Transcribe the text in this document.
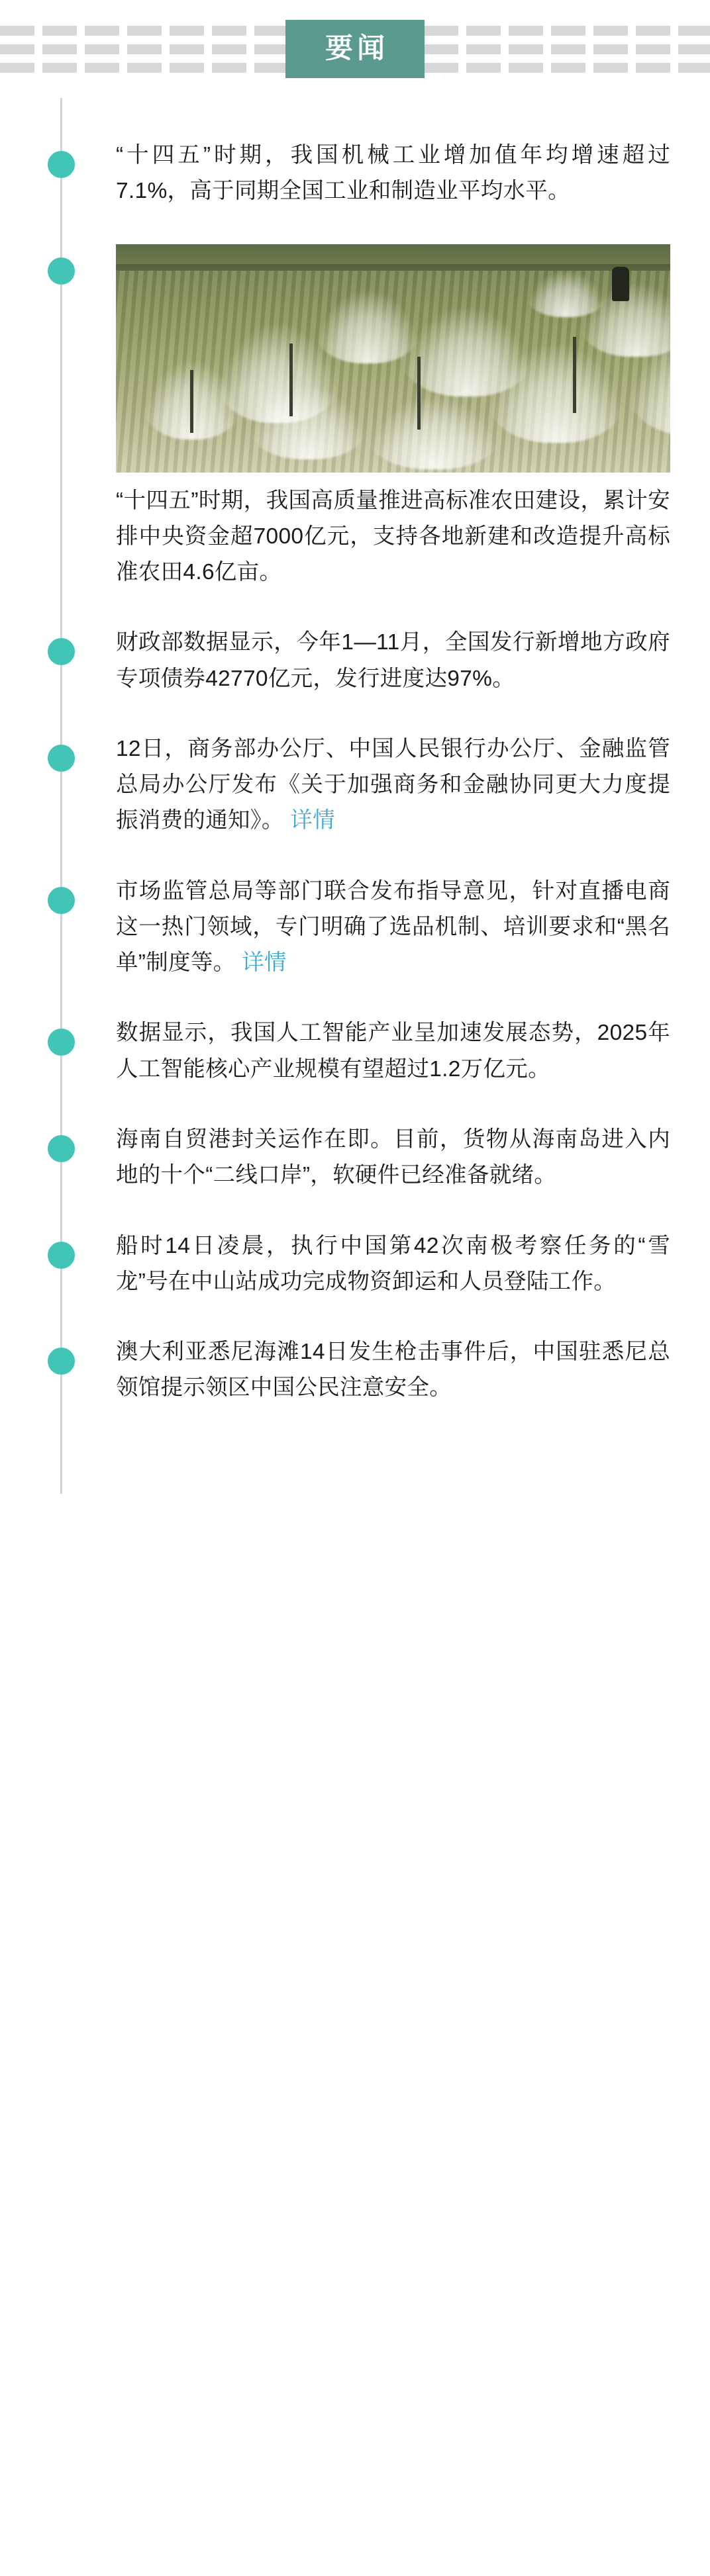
要闻

“十四五”时期，我国机械工业增加值年均增速超过7.1%，高于同期全国工业和制造业平均水平。

“十四五”时期，我国高质量推进高标准农田建设，累计安排中央资金超7000亿元，支持各地新建和改造提升高标准农田4.6亿亩。

财政部数据显示，今年1—11月，全国发行新增地方政府专项债券42770亿元，发行进度达97%。

12日，商务部办公厅、中国人民银行办公厅、金融监管总局办公厅发布《关于加强商务和金融协同更大力度提振消费的通知》。 详情

市场监管总局等部门联合发布指导意见，针对直播电商这一热门领域，专门明确了选品机制、培训要求和“黑名单”制度等。 详情

数据显示，我国人工智能产业呈加速发展态势，2025年人工智能核心产业规模有望超过1.2万亿元。

海南自贸港封关运作在即。目前，货物从海南岛进入内地的十个“二线口岸”，软硬件已经准备就绪。

船时14日凌晨，执行中国第42次南极考察任务的“雪龙”号在中山站成功完成物资卸运和人员登陆工作。

澳大利亚悉尼海滩14日发生枪击事件后，中国驻悉尼总领馆提示领区中国公民注意安全。
